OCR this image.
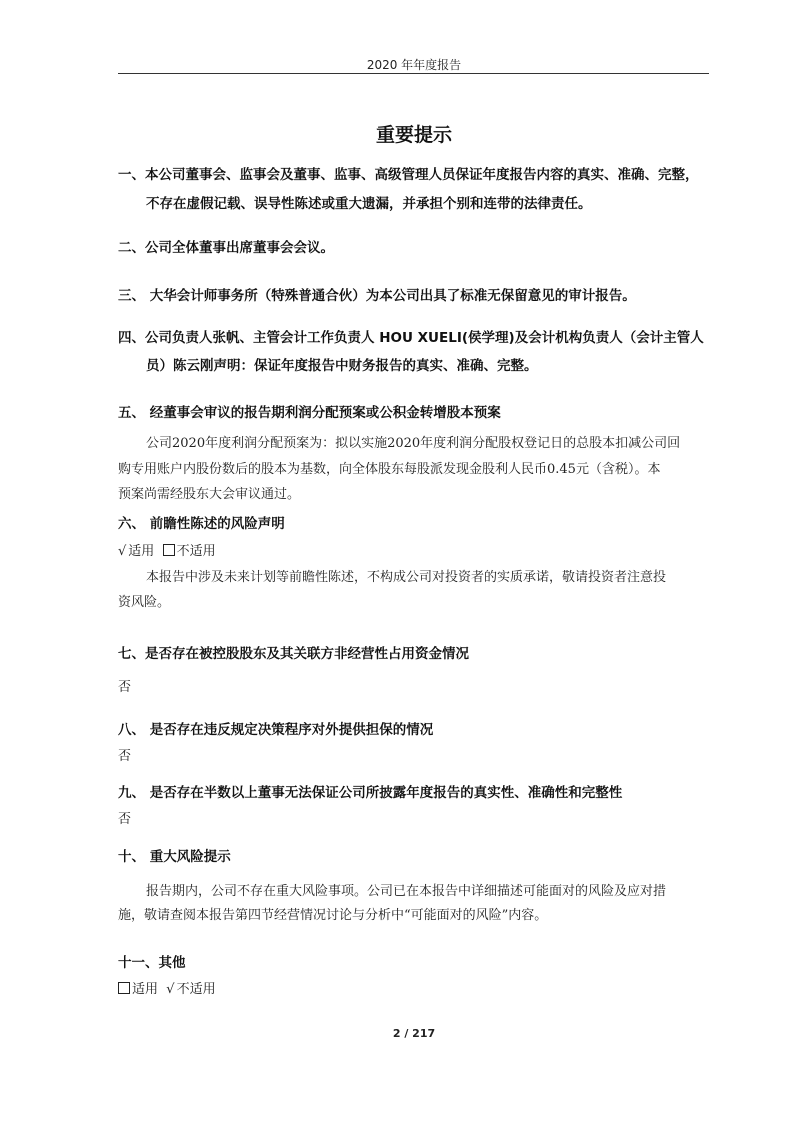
2020 年年度报告
重要提示
一、本公司董事会、监事会及董事、监事、高级管理人员保证年度报告内容的真实、准确、完整，
不存在虚假记载、误导性陈述或重大遗漏，并承担个别和连带的法律责任。
二、公司全体董事出席董事会会议。
三、 大华会计师事务所（特殊普通合伙）为本公司出具了标准无保留意见的审计报告。
四、公司负责人张帆、主管会计工作负责人 HOU XUELI(侯学理)及会计机构负责人（会计主管人
员）陈云刚声明：保证年度报告中财务报告的真实、准确、完整。
五、 经董事会审议的报告期利润分配预案或公积金转增股本预案
公司2020年度利润分配预案为：拟以实施2020年度利润分配股权登记日的总股本扣减公司回
购专用账户内股份数后的股本为基数，向全体股东每股派发现金股利人民币0.45元（含税）。本
预案尚需经股东大会审议通过。
六、 前瞻性陈述的风险声明
√ 适用 不适用
本报告中涉及未来计划等前瞻性陈述，不构成公司对投资者的实质承诺，敬请投资者注意投
资风险。
七、是否存在被控股股东及其关联方非经营性占用资金情况
否
八、 是否存在违反规定决策程序对外提供担保的情况
否
九、 是否存在半数以上董事无法保证公司所披露年度报告的真实性、准确性和完整性
否
十、 重大风险提示
报告期内，公司不存在重大风险事项。公司已在本报告中详细描述可能面对的风险及应对措
施，敬请查阅本报告第四节经营情况讨论与分析中“可能面对的风险”内容。
十一、其他
适用 √ 不适用
2 / 217
